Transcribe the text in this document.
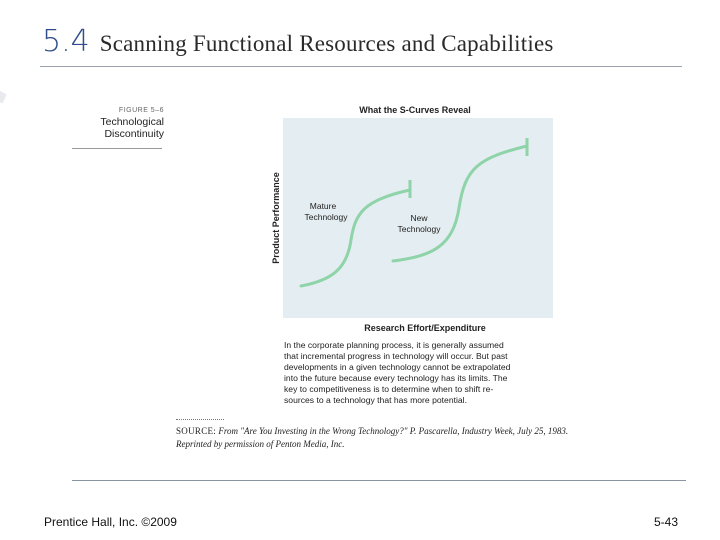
5.4 Scanning Functional Resources and Capabilities
FIGURE 5–6
Technological
Discontinuity
What the S-Curves Reveal
Product Performance
Research Effort/Expenditure
Mature
Technology	New
Technology
In the corporate planning process, it is generally assumed
that incremental progress in technology will occur. But past
developments in a given technology cannot be extrapolated
into the future because every technology has its limits. The
key to competitiveness is to determine when to shift re-
sources to a technology that has more potential.
SOURCE: From "Are You Investing in the Wrong Technology?" P. Pascarella, Industry Week, July 25, 1983.
Reprinted by permission of Penton Media, Inc.
Prentice Hall, Inc. ©2009	5-43
